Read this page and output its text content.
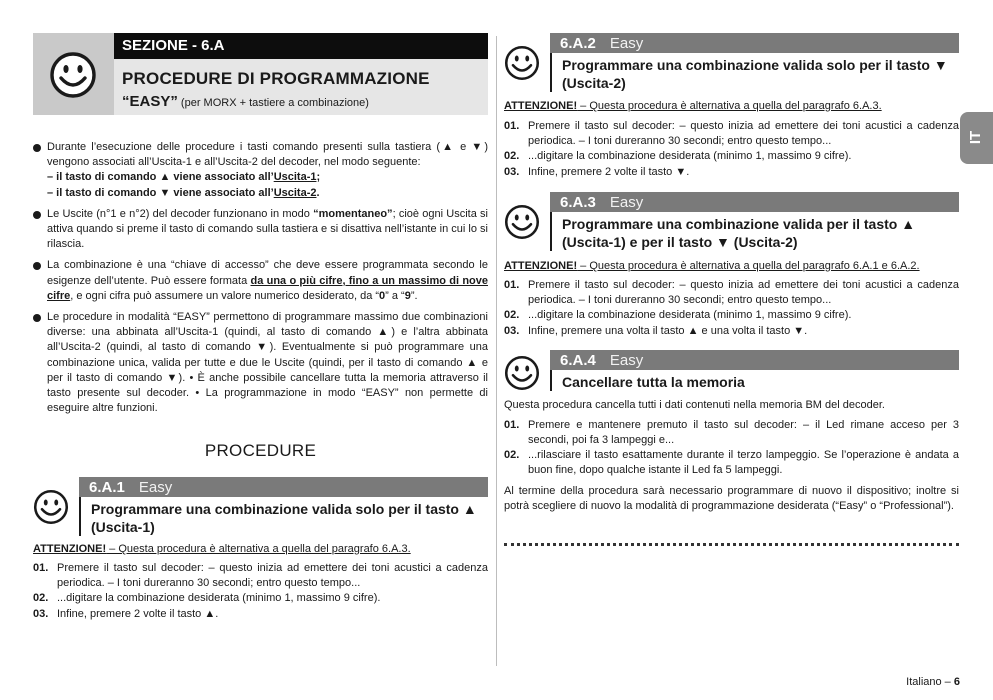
SEZIONE - 6.A
PROCEDURE DI PROGRAMMAZIONE
“EASY” (per MORX + tastiere a combinazione)
Durante l’esecuzione delle procedure i tasti comando presenti sulla tastiera (▲ e ▼) vengono associati all’Uscita-1 e all’Uscita-2 del decoder, nel modo seguente:
– il tasto di comando ▲ viene associato all’Uscita-1;
– il tasto di comando ▼ viene associato all’Uscita-2.
Le Uscite (n°1 e n°2) del decoder funzionano in modo “momentaneo”; cioè ogni Uscita si attiva quando si preme il tasto di comando sulla tastiera e si disattiva nell’istante in cui lo si rilascia.
La combinazione è una “chiave di accesso” che deve essere programmata secondo le esigenze dell’utente. Può essere formata da una o più cifre, fino a un massimo di nove cifre, e ogni cifra può assumere un valore numerico desiderato, da “0” a “9”.
Le procedure in modalità “EASY” permettono di programmare massimo due combinazioni diverse: una abbinata all’Uscita-1 (quindi, al tasto di comando ▲) e l’altra abbinata all’Uscita-2 (quindi, al tasto di comando ▼). Eventualmente si può programmare una combinazione unica, valida per tutte e due le Uscite (quindi, per il tasto di comando ▲ e per il tasto di comando ▼). • È anche possibile cancellare tutta la memoria attraverso il tasto presente sul decoder. • La programmazione in modo “EASY” non permette di eseguire altre funzioni.
PROCEDURE
6.A.1 Easy
Programmare una combinazione valida solo per il tasto ▲ (Uscita-1)
ATTENZIONE! – Questa procedura è alternativa a quella del paragrafo 6.A.3.
01. Premere il tasto sul decoder: – questo inizia ad emettere dei toni acustici a cadenza periodica. – I toni dureranno 30 secondi; entro questo tempo...
02. ...digitare la combinazione desiderata (minimo 1, massimo 9 cifre).
03. Infine, premere 2 volte il tasto ▲.
6.A.2 Easy
Programmare una combinazione valida solo per il tasto ▼ (Uscita-2)
ATTENZIONE! – Questa procedura è alternativa a quella del paragrafo 6.A.3.
01. Premere il tasto sul decoder: – questo inizia ad emettere dei toni acustici a cadenza periodica. – I toni dureranno 30 secondi; entro questo tempo...
02. ...digitare la combinazione desiderata (minimo 1, massimo 9 cifre).
03. Infine, premere 2 volte il tasto ▼.
6.A.3 Easy
Programmare una combinazione valida per il tasto ▲ (Uscita-1) e per il tasto ▼ (Uscita-2)
ATTENZIONE! – Questa procedura è alternativa a quella del paragrafo 6.A.1 e 6.A.2.
01. Premere il tasto sul decoder: – questo inizia ad emettere dei toni acustici a cadenza periodica. – I toni dureranno 30 secondi; entro questo tempo...
02. ...digitare la combinazione desiderata (minimo 1, massimo 9 cifre).
03. Infine, premere una volta il tasto ▲ e una volta il tasto ▼.
6.A.4 Easy
Cancellare tutta la memoria
Questa procedura cancella tutti i dati contenuti nella memoria BM del decoder.
01. Premere e mantenere premuto il tasto sul decoder: – il Led rimane acceso per 3 secondi, poi fa 3 lampeggi e...
02. ...rilasciare il tasto esattamente durante il terzo lampeggio. Se l’operazione è andata a buon fine, dopo qualche istante il Led fa 5 lampeggi.
Al termine della procedura sarà necessario programmare di nuovo il dispositivo; inoltre si potrà scegliere di nuovo la modalità di programmazione desiderata (“Easy” o “Professional”).
IT
Italiano – 6
